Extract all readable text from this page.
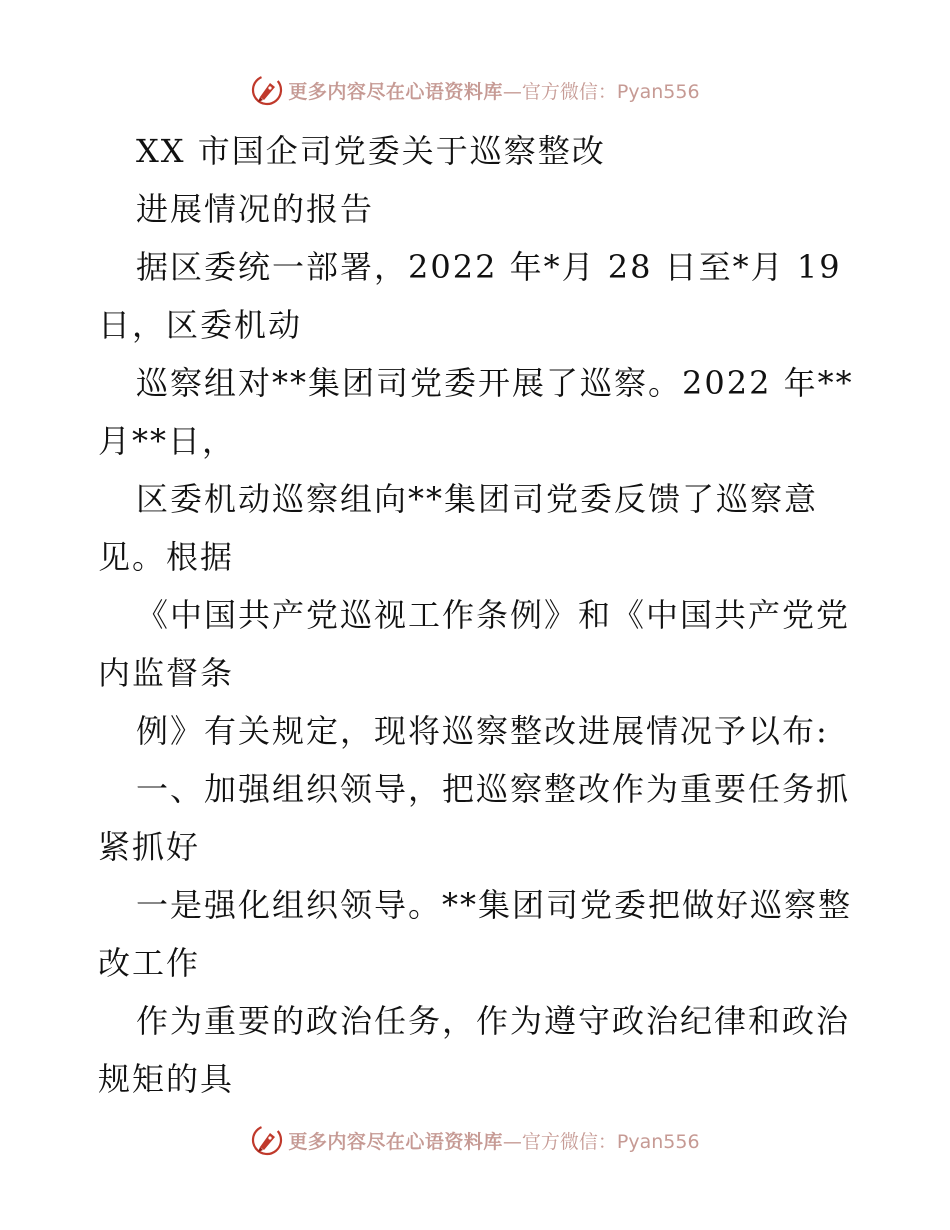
更多内容尽在心语资料库 —官方微信：Pyan556
XX 市国企司党委关于巡察整改
进展情况的报告
据区委统一部署，2022 年*月 28 日至*月 19
日，区委机动
巡察组对**集团司党委开展了巡察。2022 年**
月**日，
区委机动巡察组向**集团司党委反馈了巡察意
见。根据
《中国共产党巡视工作条例》和《中国共产党党
内监督条
例》有关规定，现将巡察整改进展情况予以布:
一、加强组织领导，把巡察整改作为重要任务抓
紧抓好
一是强化组织领导。**集团司党委把做好巡察整
改工作
作为重要的政治任务，作为遵守政治纪律和政治
规矩的具
更多内容尽在心语资料库 —官方微信：Pyan556
